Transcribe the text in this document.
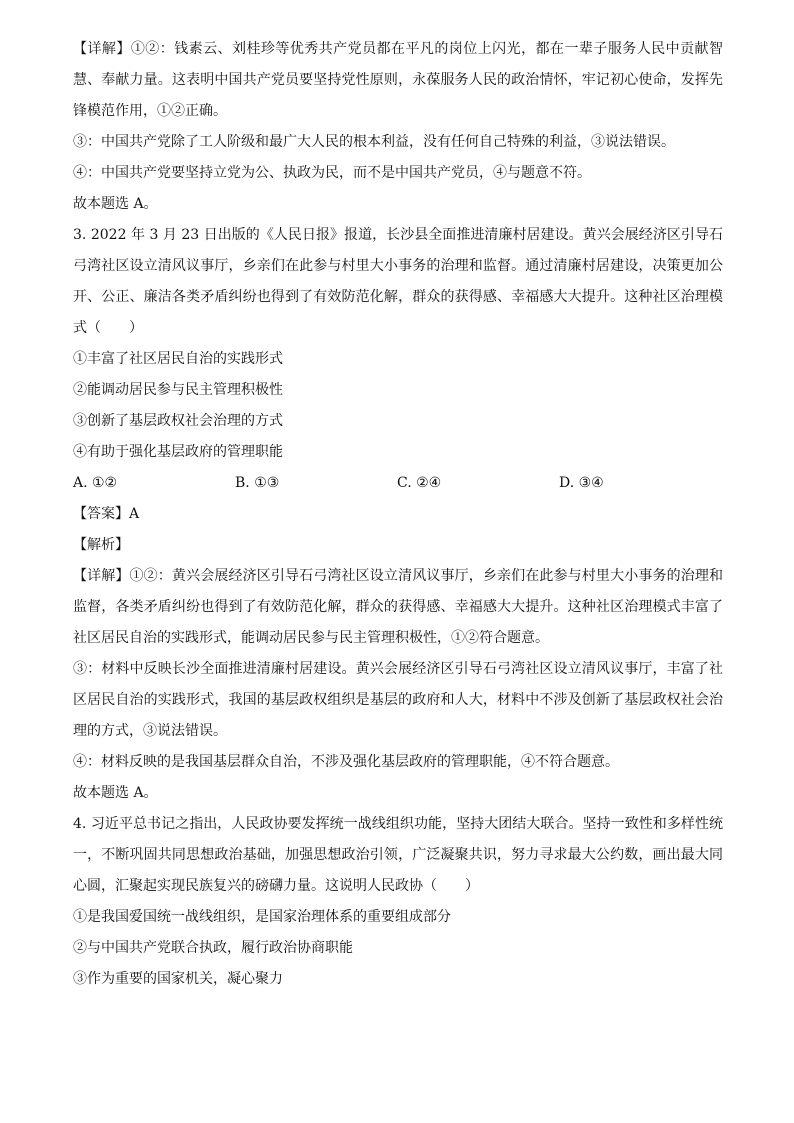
【详解】①②：钱素云、刘桂珍等优秀共产党员都在平凡的岗位上闪光，都在一辈子服务人民中贡献智慧、奉献力量。这表明中国共产党员要坚持党性原则，永葆服务人民的政治情怀，牢记初心使命，发挥先锋模范作用，①②正确。

③：中国共产党除了工人阶级和最广大人民的根本利益，没有任何自己特殊的利益，③说法错误。

④：中国共产党要坚持立党为公、执政为民，而不是中国共产党员，④与题意不符。

故本题选 A。

3. 2022 年 3 月 23 日出版的《人民日报》报道，长沙县全面推进清廉村居建设。黄兴会展经济区引导石弓湾社区设立清风议事厅，乡亲们在此参与村里大小事务的治理和监督。通过清廉村居建设，决策更加公开、公正、廉洁各类矛盾纠纷也得到了有效防范化解，群众的获得感、幸福感大大提升。这种社区治理模式（　　）

①丰富了社区居民自治的实践形式

②能调动居民参与民主管理积极性

③创新了基层政权社会治理的方式

④有助于强化基层政府的管理职能

A. ①②	B. ①③	C. ②④	D. ③④

【答案】A

【解析】

【详解】①②：黄兴会展经济区引导石弓湾社区设立清风议事厅，乡亲们在此参与村里大小事务的治理和监督，各类矛盾纠纷也得到了有效防范化解，群众的获得感、幸福感大大提升。这种社区治理模式丰富了社区居民自治的实践形式，能调动居民参与民主管理积极性，①②符合题意。

③：材料中反映长沙全面推进清廉村居建设。黄兴会展经济区引导石弓湾社区设立清风议事厅，丰富了社区居民自治的实践形式，我国的基层政权组织是基层的政府和人大，材料中不涉及创新了基层政权社会治理的方式，③说法错误。

④：材料反映的是我国基层群众自治，不涉及强化基层政府的管理职能，④不符合题意。

故本题选 A。

4. 习近平总书记之指出，人民政协要发挥统一战线组织功能，坚持大团结大联合。坚持一致性和多样性统一，不断巩固共同思想政治基础，加强思想政治引领，广泛凝聚共识，努力寻求最大公约数，画出最大同心圆，汇聚起实现民族复兴的磅礴力量。这说明人民政协（　　）

①是我国爱国统一战线组织，是国家治理体系的重要组成部分

②与中国共产党联合执政，履行政治协商职能

③作为重要的国家机关，凝心聚力
